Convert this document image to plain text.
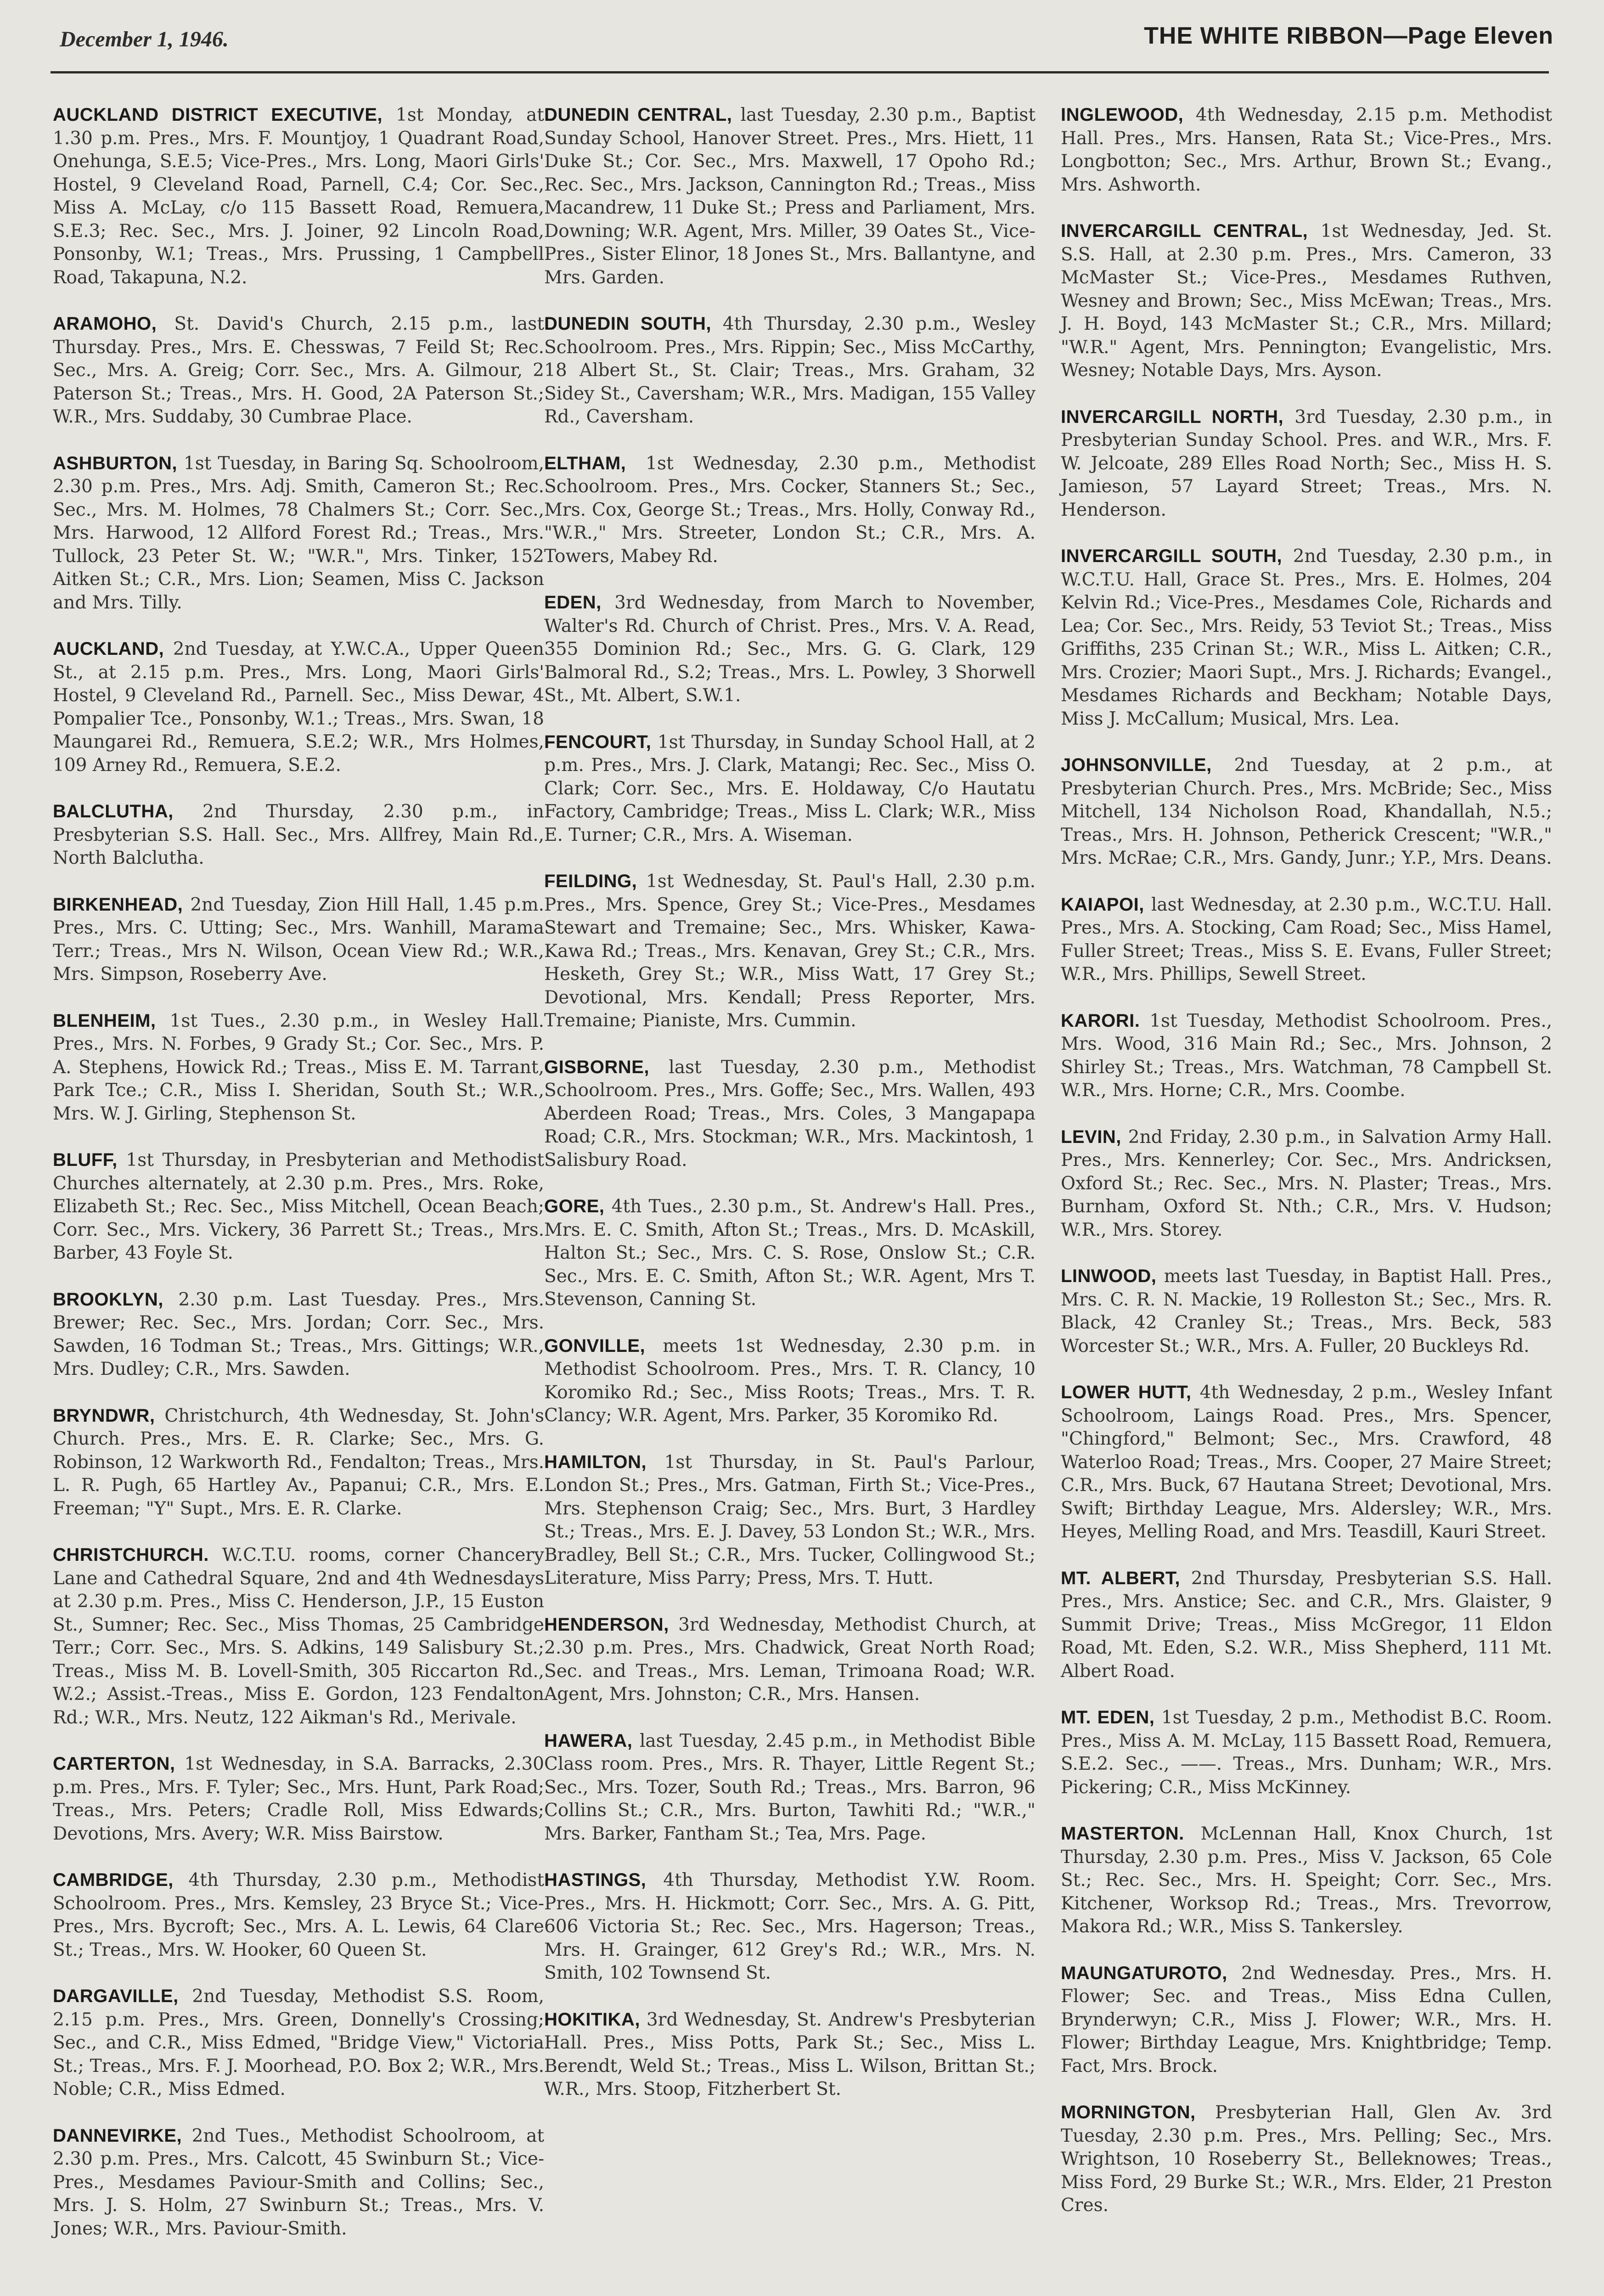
December 1, 1946.	THE WHITE RIBBON—Page Eleven
AUCKLAND DISTRICT EXECUTIVE, 1st Monday, at 1.30 p.m. Pres., Mrs. F. Mountjoy, 1 Quadrant Road, Onehunga, S.E.5; Vice-Pres., Mrs. Long, Maori Girls' Hostel, 9 Cleveland Road, Parnell, C.4; Cor. Sec., Miss A. McLay, c/o 115 Bassett Road, Remuera, S.E.3; Rec. Sec., Mrs. J. Joiner, 92 Lincoln Road, Ponsonby, W.1; Treas., Mrs. Prussing, 1 Campbell Road, Takapuna, N.2.
ARAMOHO, St. David's Church, 2.15 p.m., last Thursday. Pres., Mrs. E. Chesswas, 7 Feild St; Rec. Sec., Mrs. A. Greig; Corr. Sec., Mrs. A. Gilmour, 2 Paterson St.; Treas., Mrs. H. Good, 2A Paterson St.; W.R., Mrs. Suddaby, 30 Cumbrae Place.
ASHBURTON, 1st Tuesday, in Baring Sq. Schoolroom, 2.30 p.m. Pres., Mrs. Adj. Smith, Cameron St.; Rec. Sec., Mrs. M. Holmes, 78 Chalmers St.; Corr. Sec., Mrs. Harwood, 12 Allford Forest Rd.; Treas., Mrs. Tullock, 23 Peter St. W.; "W.R.", Mrs. Tinker, 152 Aitken St.; C.R., Mrs. Lion; Seamen, Miss C. Jackson and Mrs. Tilly.
AUCKLAND, 2nd Tuesday, at Y.W.C.A., Upper Queen St., at 2.15 p.m. Pres., Mrs. Long, Maori Girls' Hostel, 9 Cleveland Rd., Parnell. Sec., Miss Dewar, 4 Pompalier Tce., Ponsonby, W.1.; Treas., Mrs. Swan, 18 Maungarei Rd., Remuera, S.E.2; W.R., Mrs Holmes, 109 Arney Rd., Remuera, S.E.2.
BALCLUTHA, 2nd Thursday, 2.30 p.m., in Presbyterian S.S. Hall. Sec., Mrs. Allfrey, Main Rd., North Balclutha.
BIRKENHEAD, 2nd Tuesday, Zion Hill Hall, 1.45 p.m. Pres., Mrs. C. Utting; Sec., Mrs. Wanhill, Marama Terr.; Treas., Mrs N. Wilson, Ocean View Rd.; W.R., Mrs. Simpson, Roseberry Ave.
BLENHEIM, 1st Tues., 2.30 p.m., in Wesley Hall. Pres., Mrs. N. Forbes, 9 Grady St.; Cor. Sec., Mrs. P. A. Stephens, Howick Rd.; Treas., Miss E. M. Tarrant, Park Tce.; C.R., Miss I. Sheridan, South St.; W.R., Mrs. W. J. Girling, Stephenson St.
BLUFF, 1st Thursday, in Presbyterian and Methodist Churches alternately, at 2.30 p.m. Pres., Mrs. Roke, Elizabeth St.; Rec. Sec., Miss Mitchell, Ocean Beach; Corr. Sec., Mrs. Vickery, 36 Parrett St.; Treas., Mrs. Barber, 43 Foyle St.
BROOKLYN, 2.30 p.m. Last Tuesday. Pres., Mrs. Brewer; Rec. Sec., Mrs. Jordan; Corr. Sec., Mrs. Sawden, 16 Todman St.; Treas., Mrs. Gittings; W.R., Mrs. Dudley; C.R., Mrs. Sawden.
BRYNDWR, Christchurch, 4th Wednesday, St. John's Church. Pres., Mrs. E. R. Clarke; Sec., Mrs. G. Robinson, 12 Warkworth Rd., Fendalton; Treas., Mrs. L. R. Pugh, 65 Hartley Av., Papanui; C.R., Mrs. E. Freeman; "Y" Supt., Mrs. E. R. Clarke.
CHRISTCHURCH. W.C.T.U. rooms, corner Chancery Lane and Cathedral Square, 2nd and 4th Wednesdays at 2.30 p.m. Pres., Miss C. Henderson, J.P., 15 Euston St., Sumner; Rec. Sec., Miss Thomas, 25 Cambridge Terr.; Corr. Sec., Mrs. S. Adkins, 149 Salisbury St.; Treas., Miss M. B. Lovell-Smith, 305 Riccarton Rd., W.2.; Assist.-Treas., Miss E. Gordon, 123 Fendalton Rd.; W.R., Mrs. Neutz, 122 Aikman's Rd., Merivale.
CARTERTON, 1st Wednesday, in S.A. Barracks, 2.30 p.m. Pres., Mrs. F. Tyler; Sec., Mrs. Hunt, Park Road; Treas., Mrs. Peters; Cradle Roll, Miss Edwards; Devotions, Mrs. Avery; W.R. Miss Bairstow.
CAMBRIDGE, 4th Thursday, 2.30 p.m., Methodist Schoolroom. Pres., Mrs. Kemsley, 23 Bryce St.; Vice-Pres., Mrs. Bycroft; Sec., Mrs. A. L. Lewis, 64 Clare St.; Treas., Mrs. W. Hooker, 60 Queen St.
DARGAVILLE, 2nd Tuesday, Methodist S.S. Room, 2.15 p.m. Pres., Mrs. Green, Donnelly's Crossing; Sec., and C.R., Miss Edmed, "Bridge View," Victoria St.; Treas., Mrs. F. J. Moorhead, P.O. Box 2; W.R., Mrs. Noble; C.R., Miss Edmed.
DANNEVIRKE, 2nd Tues., Methodist Schoolroom, at 2.30 p.m. Pres., Mrs. Calcott, 45 Swinburn St.; Vice-Pres., Mesdames Paviour-Smith and Collins; Sec., Mrs. J. S. Holm, 27 Swinburn St.; Treas., Mrs. V. Jones; W.R., Mrs. Paviour-Smith.
DUNEDIN CENTRAL, last Tuesday, 2.30 p.m., Baptist Sunday School, Hanover Street. Pres., Mrs. Hiett, 11 Duke St.; Cor. Sec., Mrs. Maxwell, 17 Opoho Rd.; Rec. Sec., Mrs. Jackson, Cannington Rd.; Treas., Miss Macandrew, 11 Duke St.; Press and Parliament, Mrs. Downing; W.R. Agent, Mrs. Miller, 39 Oates St., Vice-Pres., Sister Elinor, 18 Jones St., Mrs. Ballantyne, and Mrs. Garden.
DUNEDIN SOUTH, 4th Thursday, 2.30 p.m., Wesley Schoolroom. Pres., Mrs. Rippin; Sec., Miss McCarthy, 18 Albert St., St. Clair; Treas., Mrs. Graham, 32 Sidey St., Caversham; W.R., Mrs. Madigan, 155 Valley Rd., Caversham.
ELTHAM, 1st Wednesday, 2.30 p.m., Methodist Schoolroom. Pres., Mrs. Cocker, Stanners St.; Sec., Mrs. Cox, George St.; Treas., Mrs. Holly, Conway Rd., "W.R.," Mrs. Streeter, London St.; C.R., Mrs. A. Towers, Mabey Rd.
EDEN, 3rd Wednesday, from March to November, Walter's Rd. Church of Christ. Pres., Mrs. V. A. Read, 355 Dominion Rd.; Sec., Mrs. G. G. Clark, 129 Balmoral Rd., S.2; Treas., Mrs. L. Powley, 3 Shorwell St., Mt. Albert, S.W.1.
FENCOURT, 1st Thursday, in Sunday School Hall, at 2 p.m. Pres., Mrs. J. Clark, Matangi; Rec. Sec., Miss O. Clark; Corr. Sec., Mrs. E. Holdaway, C/o Hautatu Factory, Cambridge; Treas., Miss L. Clark; W.R., Miss E. Turner; C.R., Mrs. A. Wiseman.
FEILDING, 1st Wednesday, St. Paul's Hall, 2.30 p.m. Pres., Mrs. Spence, Grey St.; Vice-Pres., Mesdames Stewart and Tremaine; Sec., Mrs. Whisker, Kawa-Kawa Rd.; Treas., Mrs. Kenavan, Grey St.; C.R., Mrs. Hesketh, Grey St.; W.R., Miss Watt, 17 Grey St.; Devotional, Mrs. Kendall; Press Reporter, Mrs. Tremaine; Pianiste, Mrs. Cummin.
GISBORNE, last Tuesday, 2.30 p.m., Methodist Schoolroom. Pres., Mrs. Goffe; Sec., Mrs. Wallen, 493 Aberdeen Road; Treas., Mrs. Coles, 3 Mangapapa Road; C.R., Mrs. Stockman; W.R., Mrs. Mackintosh, 1 Salisbury Road.
GORE, 4th Tues., 2.30 p.m., St. Andrew's Hall. Pres., Mrs. E. C. Smith, Afton St.; Treas., Mrs. D. McAskill, Halton St.; Sec., Mrs. C. S. Rose, Onslow St.; C.R. Sec., Mrs. E. C. Smith, Afton St.; W.R. Agent, Mrs T. Stevenson, Canning St.
GONVILLE, meets 1st Wednesday, 2.30 p.m. in Methodist Schoolroom. Pres., Mrs. T. R. Clancy, 10 Koromiko Rd.; Sec., Miss Roots; Treas., Mrs. T. R. Clancy; W.R. Agent, Mrs. Parker, 35 Koromiko Rd.
HAMILTON, 1st Thursday, in St. Paul's Parlour, London St.; Pres., Mrs. Gatman, Firth St.; Vice-Pres., Mrs. Stephenson Craig; Sec., Mrs. Burt, 3 Hardley St.; Treas., Mrs. E. J. Davey, 53 London St.; W.R., Mrs. Bradley, Bell St.; C.R., Mrs. Tucker, Collingwood St.; Literature, Miss Parry; Press, Mrs. T. Hutt.
HENDERSON, 3rd Wednesday, Methodist Church, at 2.30 p.m. Pres., Mrs. Chadwick, Great North Road; Sec. and Treas., Mrs. Leman, Trimoana Road; W.R. Agent, Mrs. Johnston; C.R., Mrs. Hansen.
HAWERA, last Tuesday, 2.45 p.m., in Methodist Bible Class room. Pres., Mrs. R. Thayer, Little Regent St.; Sec., Mrs. Tozer, South Rd.; Treas., Mrs. Barron, 96 Collins St.; C.R., Mrs. Burton, Tawhiti Rd.; "W.R.," Mrs. Barker, Fantham St.; Tea, Mrs. Page.
HASTINGS, 4th Thursday, Methodist Y.W. Room. Pres., Mrs. H. Hickmott; Corr. Sec., Mrs. A. G. Pitt, 606 Victoria St.; Rec. Sec., Mrs. Hagerson; Treas., Mrs. H. Grainger, 612 Grey's Rd.; W.R., Mrs. N. Smith, 102 Townsend St.
HOKITIKA, 3rd Wednesday, St. Andrew's Presbyterian Hall. Pres., Miss Potts, Park St.; Sec., Miss L. Berendt, Weld St.; Treas., Miss L. Wilson, Brittan St.; W.R., Mrs. Stoop, Fitzherbert St.
INGLEWOOD, 4th Wednesday, 2.15 p.m. Methodist Hall. Pres., Mrs. Hansen, Rata St.; Vice-Pres., Mrs. Longbotton; Sec., Mrs. Arthur, Brown St.; Evang., Mrs. Ashworth.
INVERCARGILL CENTRAL, 1st Wednesday, Jed. St. S.S. Hall, at 2.30 p.m. Pres., Mrs. Cameron, 33 McMaster St.; Vice-Pres., Mesdames Ruthven, Wesney and Brown; Sec., Miss McEwan; Treas., Mrs. J. H. Boyd, 143 McMaster St.; C.R., Mrs. Millard; "W.R." Agent, Mrs. Pennington; Evangelistic, Mrs. Wesney; Notable Days, Mrs. Ayson.
INVERCARGILL NORTH, 3rd Tuesday, 2.30 p.m., in Presbyterian Sunday School. Pres. and W.R., Mrs. F. W. Jelcoate, 289 Elles Road North; Sec., Miss H. S. Jamieson, 57 Layard Street; Treas., Mrs. N. Henderson.
INVERCARGILL SOUTH, 2nd Tuesday, 2.30 p.m., in W.C.T.U. Hall, Grace St. Pres., Mrs. E. Holmes, 204 Kelvin Rd.; Vice-Pres., Mesdames Cole, Richards and Lea; Cor. Sec., Mrs. Reidy, 53 Teviot St.; Treas., Miss Griffiths, 235 Crinan St.; W.R., Miss L. Aitken; C.R., Mrs. Crozier; Maori Supt., Mrs. J. Richards; Evangel., Mesdames Richards and Beckham; Notable Days, Miss J. McCallum; Musical, Mrs. Lea.
JOHNSONVILLE, 2nd Tuesday, at 2 p.m., at Presbyterian Church. Pres., Mrs. McBride; Sec., Miss Mitchell, 134 Nicholson Road, Khandallah, N.5.; Treas., Mrs. H. Johnson, Petherick Crescent; "W.R.," Mrs. McRae; C.R., Mrs. Gandy, Junr.; Y.P., Mrs. Deans.
KAIAPOI, last Wednesday, at 2.30 p.m., W.C.T.U. Hall. Pres., Mrs. A. Stocking, Cam Road; Sec., Miss Hamel, Fuller Street; Treas., Miss S. E. Evans, Fuller Street; W.R., Mrs. Phillips, Sewell Street.
KARORI. 1st Tuesday, Methodist Schoolroom. Pres., Mrs. Wood, 316 Main Rd.; Sec., Mrs. Johnson, 2 Shirley St.; Treas., Mrs. Watchman, 78 Campbell St. W.R., Mrs. Horne; C.R., Mrs. Coombe.
LEVIN, 2nd Friday, 2.30 p.m., in Salvation Army Hall. Pres., Mrs. Kennerley; Cor. Sec., Mrs. Andricksen, Oxford St.; Rec. Sec., Mrs. N. Plaster; Treas., Mrs. Burnham, Oxford St. Nth.; C.R., Mrs. V. Hudson; W.R., Mrs. Storey.
LINWOOD, meets last Tuesday, in Baptist Hall. Pres., Mrs. C. R. N. Mackie, 19 Rolleston St.; Sec., Mrs. R. Black, 42 Cranley St.; Treas., Mrs. Beck, 583 Worcester St.; W.R., Mrs. A. Fuller, 20 Buckleys Rd.
LOWER HUTT, 4th Wednesday, 2 p.m., Wesley Infant Schoolroom, Laings Road. Pres., Mrs. Spencer, "Chingford," Belmont; Sec., Mrs. Crawford, 48 Waterloo Road; Treas., Mrs. Cooper, 27 Maire Street; C.R., Mrs. Buck, 67 Hautana Street; Devotional, Mrs. Swift; Birthday League, Mrs. Aldersley; W.R., Mrs. Heyes, Melling Road, and Mrs. Teasdill, Kauri Street.
MT. ALBERT, 2nd Thursday, Presbyterian S.S. Hall. Pres., Mrs. Anstice; Sec. and C.R., Mrs. Glaister, 9 Summit Drive; Treas., Miss McGregor, 11 Eldon Road, Mt. Eden, S.2. W.R., Miss Shepherd, 111 Mt. Albert Road.
MT. EDEN, 1st Tuesday, 2 p.m., Methodist B.C. Room. Pres., Miss A. M. McLay, 115 Bassett Road, Remuera, S.E.2. Sec., ——. Treas., Mrs. Dunham; W.R., Mrs. Pickering; C.R., Miss McKinney.
MASTERTON. McLennan Hall, Knox Church, 1st Thursday, 2.30 p.m. Pres., Miss V. Jackson, 65 Cole St.; Rec. Sec., Mrs. H. Speight; Corr. Sec., Mrs. Kitchener, Worksop Rd.; Treas., Mrs. Trevorrow, Makora Rd.; W.R., Miss S. Tankersley.
MAUNGATUROTO, 2nd Wednesday. Pres., Mrs. H. Flower; Sec. and Treas., Miss Edna Cullen, Brynderwyn; C.R., Miss J. Flower; W.R., Mrs. H. Flower; Birthday League, Mrs. Knightbridge; Temp. Fact, Mrs. Brock.
MORNINGTON, Presbyterian Hall, Glen Av. 3rd Tuesday, 2.30 p.m. Pres., Mrs. Pelling; Sec., Mrs. Wrightson, 10 Roseberry St., Belleknowes; Treas., Miss Ford, 29 Burke St.; W.R., Mrs. Elder, 21 Preston Cres.
